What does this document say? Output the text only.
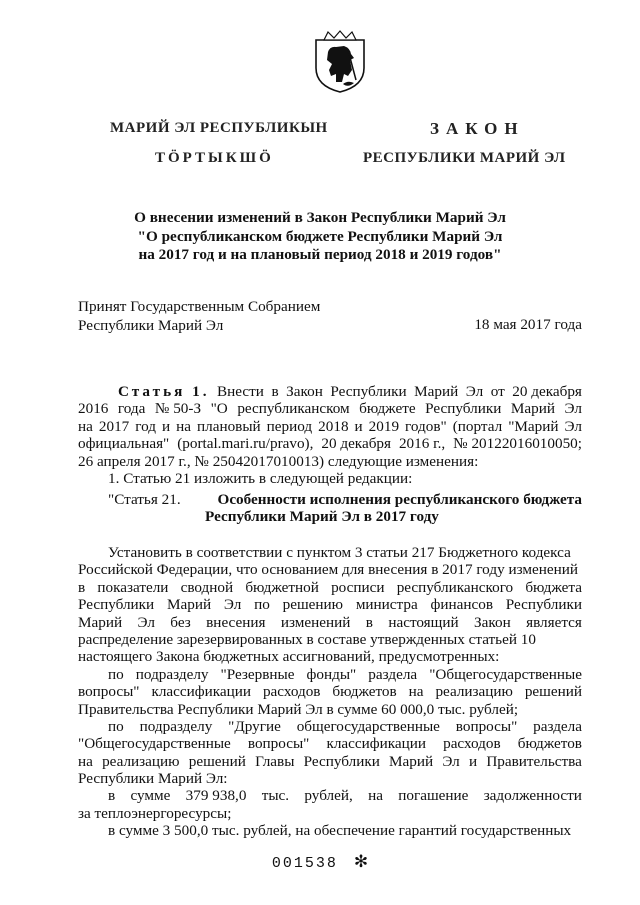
МАРИЙ ЭЛ РЕСПУБЛИКЫН	ЗАКОН
ТӦРТЫКШӦ	РЕСПУБЛИКИ МАРИЙ ЭЛ
О внесении изменений в Закон Республики Марий Эл
"О республиканском бюджете Республики Марий Эл
на 2017 год и на плановый период 2018 и 2019 годов"
Принят Государственным Собранием
Республики Марий Эл	18 мая 2017 года
Статья 1. Внести в Закон Республики Марий Эл от 20 декабря
2016 года № 50-З "О республиканском бюджете Республики Марий Эл
на 2017 год и на плановый период 2018 и 2019 годов" (портал "Марий Эл
официальная" (portal.mari.ru/pravo), 20 декабря 2016 г., № 20122016010050;
26 апреля 2017 г., № 25042017010013) следующие изменения:
1. Статью 21 изложить в следующей редакции:
"Статья 21.	Особенности исполнения республиканского бюджета
Республики Марий Эл в 2017 году
Установить в соответствии с пунктом 3 статьи 217 Бюджетного кодекса
Российской Федерации, что основанием для внесения в 2017 году изменений
в показатели сводной бюджетной росписи республиканского бюджета
Республики Марий Эл по решению министра финансов Республики
Марий Эл без внесения изменений в настоящий Закон является
распределение зарезервированных в составе утвержденных статьей 10
настоящего Закона бюджетных ассигнований, предусмотренных:
по подразделу "Резервные фонды" раздела "Общегосударственные
вопросы" классификации расходов бюджетов на реализацию решений
Правительства Республики Марий Эл в сумме 60 000,0 тыс. рублей;
по подразделу "Другие общегосударственные вопросы" раздела
"Общегосударственные вопросы" классификации расходов бюджетов
на реализацию решений Главы Республики Марий Эл и Правительства
Республики Марий Эл:
в сумме 379 938,0 тыс. рублей, на погашение задолженности
за теплоэнергоресурсы;
в сумме 3 500,0 тыс. рублей, на обеспечение гарантий государственных
001538 ✻
